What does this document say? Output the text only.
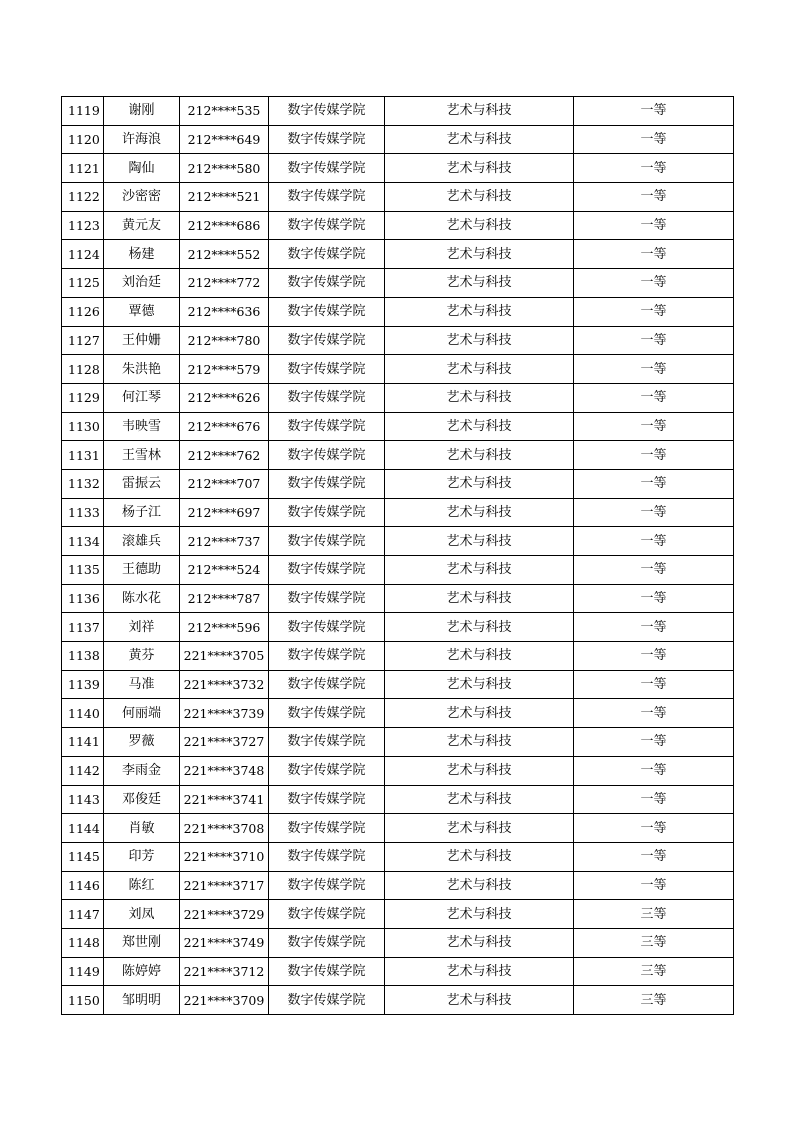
1119	谢刚	212****535	数字传媒学院	艺术与科技	一等
1120	许海浪	212****649	数字传媒学院	艺术与科技	一等
1121	陶仙	212****580	数字传媒学院	艺术与科技	一等
1122	沙密密	212****521	数字传媒学院	艺术与科技	一等
1123	黄元友	212****686	数字传媒学院	艺术与科技	一等
1124	杨建	212****552	数字传媒学院	艺术与科技	一等
1125	刘治廷	212****772	数字传媒学院	艺术与科技	一等
1126	覃德	212****636	数字传媒学院	艺术与科技	一等
1127	王仲姗	212****780	数字传媒学院	艺术与科技	一等
1128	朱洪艳	212****579	数字传媒学院	艺术与科技	一等
1129	何江琴	212****626	数字传媒学院	艺术与科技	一等
1130	韦映雪	212****676	数字传媒学院	艺术与科技	一等
1131	王雪林	212****762	数字传媒学院	艺术与科技	一等
1132	雷振云	212****707	数字传媒学院	艺术与科技	一等
1133	杨子江	212****697	数字传媒学院	艺术与科技	一等
1134	滚雄兵	212****737	数字传媒学院	艺术与科技	一等
1135	王德助	212****524	数字传媒学院	艺术与科技	一等
1136	陈水花	212****787	数字传媒学院	艺术与科技	一等
1137	刘祥	212****596	数字传媒学院	艺术与科技	一等
1138	黄芬	221****3705	数字传媒学院	艺术与科技	一等
1139	马准	221****3732	数字传媒学院	艺术与科技	一等
1140	何丽端	221****3739	数字传媒学院	艺术与科技	一等
1141	罗薇	221****3727	数字传媒学院	艺术与科技	一等
1142	李雨金	221****3748	数字传媒学院	艺术与科技	一等
1143	邓俊廷	221****3741	数字传媒学院	艺术与科技	一等
1144	肖敏	221****3708	数字传媒学院	艺术与科技	一等
1145	印芳	221****3710	数字传媒学院	艺术与科技	一等
1146	陈红	221****3717	数字传媒学院	艺术与科技	一等
1147	刘凤	221****3729	数字传媒学院	艺术与科技	三等
1148	郑世刚	221****3749	数字传媒学院	艺术与科技	三等
1149	陈婷婷	221****3712	数字传媒学院	艺术与科技	三等
1150	邹明明	221****3709	数字传媒学院	艺术与科技	三等
